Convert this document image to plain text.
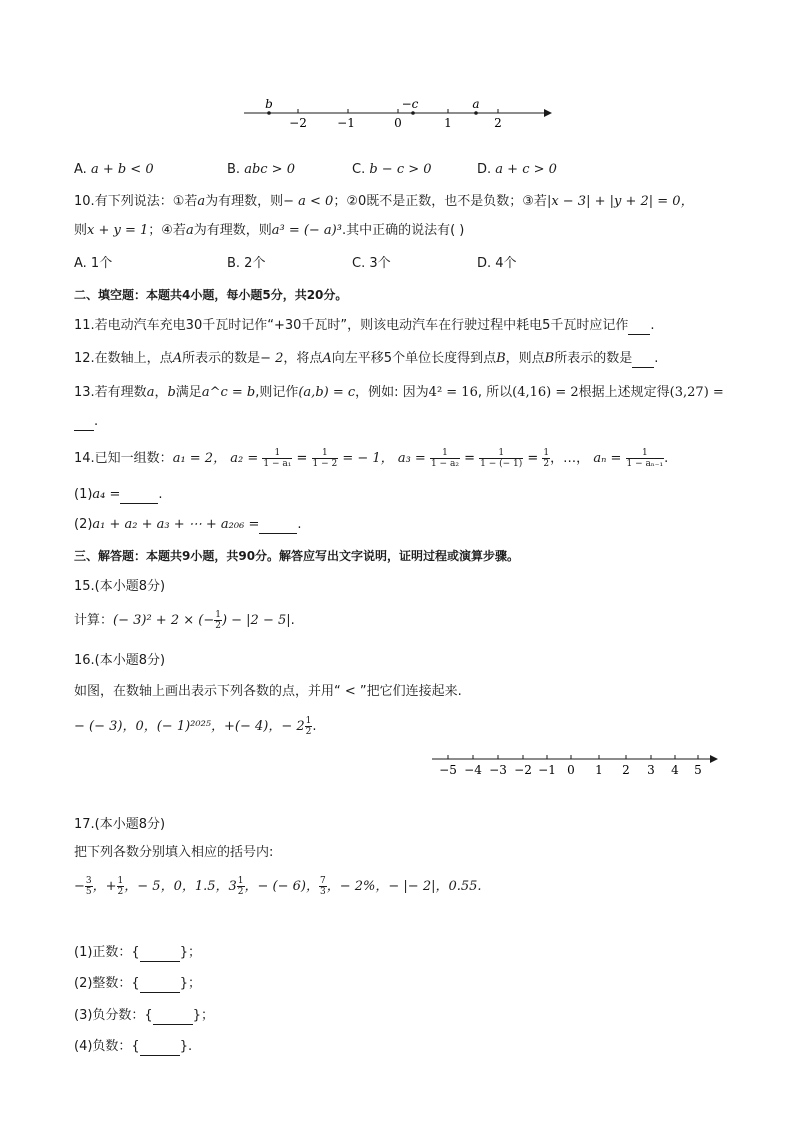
b	−c	a
−2	−1	0	1	2
A. a + b < 0	B. abc > 0	C. b − c > 0	D. a + c > 0
10.有下列说法：①若a为有理数，则− a < 0；②0既不是正数，也不是负数；③若|x − 3| + |y + 2| = 0，
则x + y = 1；④若a为有理数，则a³ = (− a)³.其中正确的说法有( )
A. 1个	B. 2个	C. 3个	D. 4个
二、填空题：本题共4小题，每小题5分，共20分。
11.若电动汽车充电30千瓦时记作“+30千瓦时”，则该电动汽车在行驶过程中耗电5千瓦时应记作 .
12.在数轴上，点A所表示的数是− 2，将点A向左平移5个单位长度得到点B，则点B所表示的数是 .
13.若有理数a，b满足a^c = b,则记作(a,b) = c，例如: 因为4² = 16, 所以(4,16) = 2根据上述规定得(3,27) =
.
14.已知一组数：a₁ = 2， $a_2 = \frac{1}{\text{1 − a₁}} = \frac{1}{1 - 2}$ = − 1， $a_3 = \frac{1}{\text{1 − a₂}} = \frac{1}{1 - (- 1)} = \frac{1}{2}$ ，…， $a_n = \frac{1}{\text{1 − aₙ₋₁}}$ .
(1)a₄ =	.
(2)a₁ + a₂ + a₃ + ⋯ + a₂₀₆ =	.
三、解答题：本题共9小题，共90分。解答应写出文字说明，证明过程或演算步骤。
15.(本小题8分)
计算：(− 3)² + 2 × (− $\frac{1}{2}$ ) − |2 − 5|.
16.(本小题8分)
如图，在数轴上画出表示下列各数的点，并用“ < ”把它们连接起来.
− (− 3)，0，(− 1)²⁰²⁵，+(− 4)，− $2 \frac{1}{2}$ .
−5 −4 −3 −2 −1 0 1 2 3 4 5
17.(本小题8分)
把下列各数分别填入相应的括号内:
− $\frac{3}{5}$ ，+ $\frac{1}{2}$ ，− 5，0，1.5，$3 \frac{1}{2}$ ，− (− 6)， $\frac{7}{3}$ ，− 2%，− |− 2|，0.55.
(1)正数：{	}；
(2)整数：{	}；
(3)负分数：{	}；
(4)负数：{	}.
